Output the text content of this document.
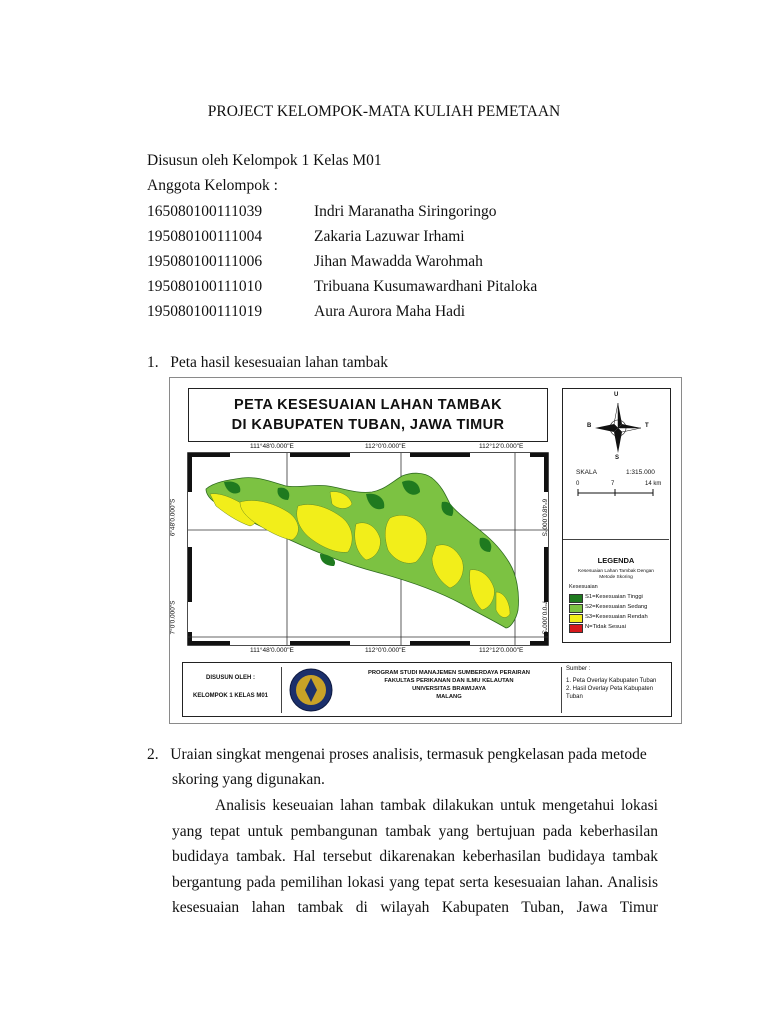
PROJECT KELOMPOK-MATA KULIAH PEMETAAN
Disusun oleh Kelompok 1 Kelas M01
Anggota Kelompok :
165080100111039	Indri Maranatha Siringoringo
195080100111004	Zakaria Lazuwar Irhami
195080100111006	Jihan Mawadda Warohmah
195080100111010	Tribuana Kusumawardhani Pitaloka
195080100111019	Aura Aurora Maha Hadi
1.   Peta hasil kesesuaian lahan tambak
PETA KESESUAIAN LAHAN TAMBAK
DI KABUPATEN TUBAN, JAWA TIMUR
111°48'0.000"E	112°0'0.000"E	112°12'0.000"E
111°48'0.000"E	112°0'0.000"E	112°12'0.000"E
6°48'0.000"S
7°0'0.000"S
6°48'0.000"S
7°0'0.000"S
U
S
B	T
SKALA	1:315.000
0	7	14 km
LEGENDA
Kesesuaian Lahan Tambak Dengan
Metode Skoring
Kesesuaian
S1=Kesesuaian Tinggi
S2=Kesesuaian Sedang
S3=Kesesuaian Rendah
N=Tidak Sesuai
DISUSUN OLEH :
KELOMPOK 1 KELAS M01
PROGRAM STUDI MANAJEMEN SUMBERDAYA PERAIRAN
FAKULTAS PERIKANAN DAN ILMU KELAUTAN
UNIVERSITAS BRAWIJAYA
MALANG
Sumber :
1. Peta Overlay Kabupaten Tuban
2. Hasil Overlay Peta Kabupaten
Tuban
2.   Uraian singkat mengenai proses analisis, termasuk pengkelasan pada metode
skoring yang digunakan.
Analisis keseuaian lahan tambak dilakukan untuk mengetahui lokasi
yang tepat untuk pembangunan tambak yang bertujuan pada keberhasilan
budidaya tambak. Hal tersebut dikarenakan keberhasilan budidaya tambak
bergantung pada pemilihan lokasi yang tepat serta kesesuaian lahan. Analisis
kesesuaian lahan tambak di wilayah Kabupaten Tuban, Jawa Timur
